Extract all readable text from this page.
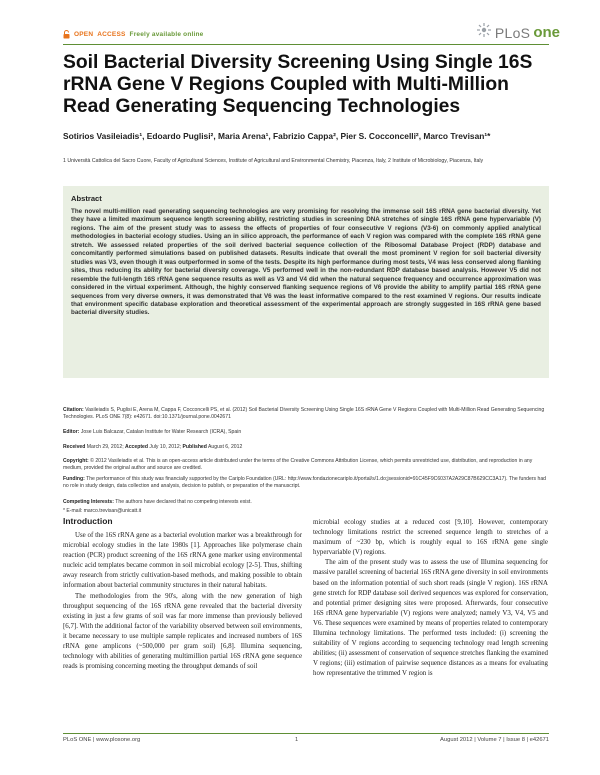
OPEN ACCESS Freely available online	PLoS one
Soil Bacterial Diversity Screening Using Single 16S rRNA Gene V Regions Coupled with Multi-Million Read Generating Sequencing Technologies
Sotirios Vasileiadis¹, Edoardo Puglisi², Maria Arena¹, Fabrizio Cappa², Pier S. Cocconcelli², Marco Trevisan¹*
1 Università Cattolica del Sacro Cuore, Faculty of Agricultural Sciences, Institute of Agricultural and Environmental Chemistry, Piacenza, Italy, 2 Institute of Microbiology, Piacenza, Italy
Abstract

The novel multi-million read generating sequencing technologies are very promising for resolving the immense soil 16S rRNA gene bacterial diversity. Yet they have a limited maximum sequence length screening ability, restricting studies in screening DNA stretches of single 16S rRNA gene hypervariable (V) regions. The aim of the present study was to assess the effects of properties of four consecutive V regions (V3-6) on commonly applied analytical methodologies in bacterial ecology studies. Using an in silico approach, the performance of each V region was compared with the complete 16S rRNA gene stretch. We assessed related properties of the soil derived bacterial sequence collection of the Ribosomal Database Project (RDP) database and concomitantly performed simulations based on published datasets. Results indicate that overall the most prominent V region for soil bacterial diversity studies was V3, even though it was outperformed in some of the tests. Despite its high performance during most tests, V4 was less conserved along flanking sites, thus reducing its ability for bacterial diversity coverage. V5 performed well in the non-redundant RDP database based analysis. However V5 did not resemble the full-length 16S rRNA gene sequence results as well as V3 and V4 did when the natural sequence frequency and occurrence approximation was considered in the virtual experiment. Although, the highly conserved flanking sequence regions of V6 provide the ability to amplify partial 16S rRNA gene sequences from very diverse owners, it was demonstrated that V6 was the least informative compared to the rest examined V regions. Our results indicate that environment specific database exploration and theoretical assessment of the experimental approach are strongly suggested in 16S rRNA gene based bacterial diversity studies.

Citation: Vasileiadis S, Puglisi E, Arena M, Cappa F, Cocconcelli PS, et al. (2012) Soil Bacterial Diversity Screening Using Single 16S rRNA Gene V Regions Coupled with Multi-Million Read Generating Sequencing Technologies. PLoS ONE 7(8): e42671. doi:10.1371/journal.pone.0042671
Editor: Jose Luis Balcazar, Catalan Institute for Water Research (ICRA), Spain
Received March 29, 2012; Accepted July 10, 2012; Published August 6, 2012
Copyright: © 2012 Vasileiadis et al. This is an open-access article distributed under the terms of the Creative Commons Attribution License, which permits unrestricted use, distribution, and reproduction in any medium, provided the original author and source are credited.
Funding: The performance of this study was financially supported by the Cariplo Foundation (URL: http://www.fondazionecariplo.it/portal/s/1.do;jsessionid=91C45F9C6037A2A29C87B629CC3A17). The funders had no role in study design, data collection and analysis, decision to publish, or preparation of the manuscript.
Competing Interests: The authors have declared that no competing interests exist.
* E-mail: marco.trevisan@unicatt.it
Introduction

Use of the 16S rRNA gene as a bacterial evolution marker was a breakthrough for microbial ecology studies in the late 1980s [1]. Approaches like polymerase chain reaction (PCR) product screening of the 16S rRNA gene marker using environmental nucleic acid templates became common in soil microbial ecology [2-5]. Thus, shifting away research from strictly cultivation-based methods, and making possible to obtain information about bacterial community structures in their natural habitats.

The methodologies from the 90's, along with the new generation of high throughput sequencing of the 16S rRNA gene revealed that the bacterial diversity existing in just a few grams of soil was far more immense than previously believed [6,7]. With the additional factor of the variability observed between soil environments, it became necessary to use multiple sample replicates and increased numbers of 16S rRNA gene amplicons (~500,000 per gram soil) [6,8]. Illumina sequencing, technology with abilities of generating multimillion partial 16S rRNA gene sequence reads is promising concerning meeting the throughput demands of soil

microbial ecology studies at a reduced cost [9,10]. However, contemporary technology limitations restrict the screened sequence length to stretches of a maximum of ~230 bp, which is roughly equal to 16S rRNA gene single hypervariable (V) regions.

The aim of the present study was to assess the use of Illumina sequencing for massive parallel screening of bacterial 16S rRNA gene diversity in soil environments based on the information potential of such short reads (single V region). 16S rRNA gene stretch for RDP database soil derived sequences was explored for conservation, and potential primer designing sites were proposed. Afterwards, four consecutive 16S rRNA gene hypervariable (V) regions were analyzed; namely V3, V4, V5 and V6. These sequences were examined by means of properties related to contemporary Illumina technology limitations. The performed tests included: (i) screening the suitability of V regions according to sequencing technology read length screening abilities; (ii) assessment of conservation of sequence stretches flanking the examined V regions; (iii) estimation of pairwise sequence distances as a means for evaluating how representative the trimmed V region is

PLoS ONE | www.plosone.org	1	August 2012 | Volume 7 | Issue 8 | e42671
